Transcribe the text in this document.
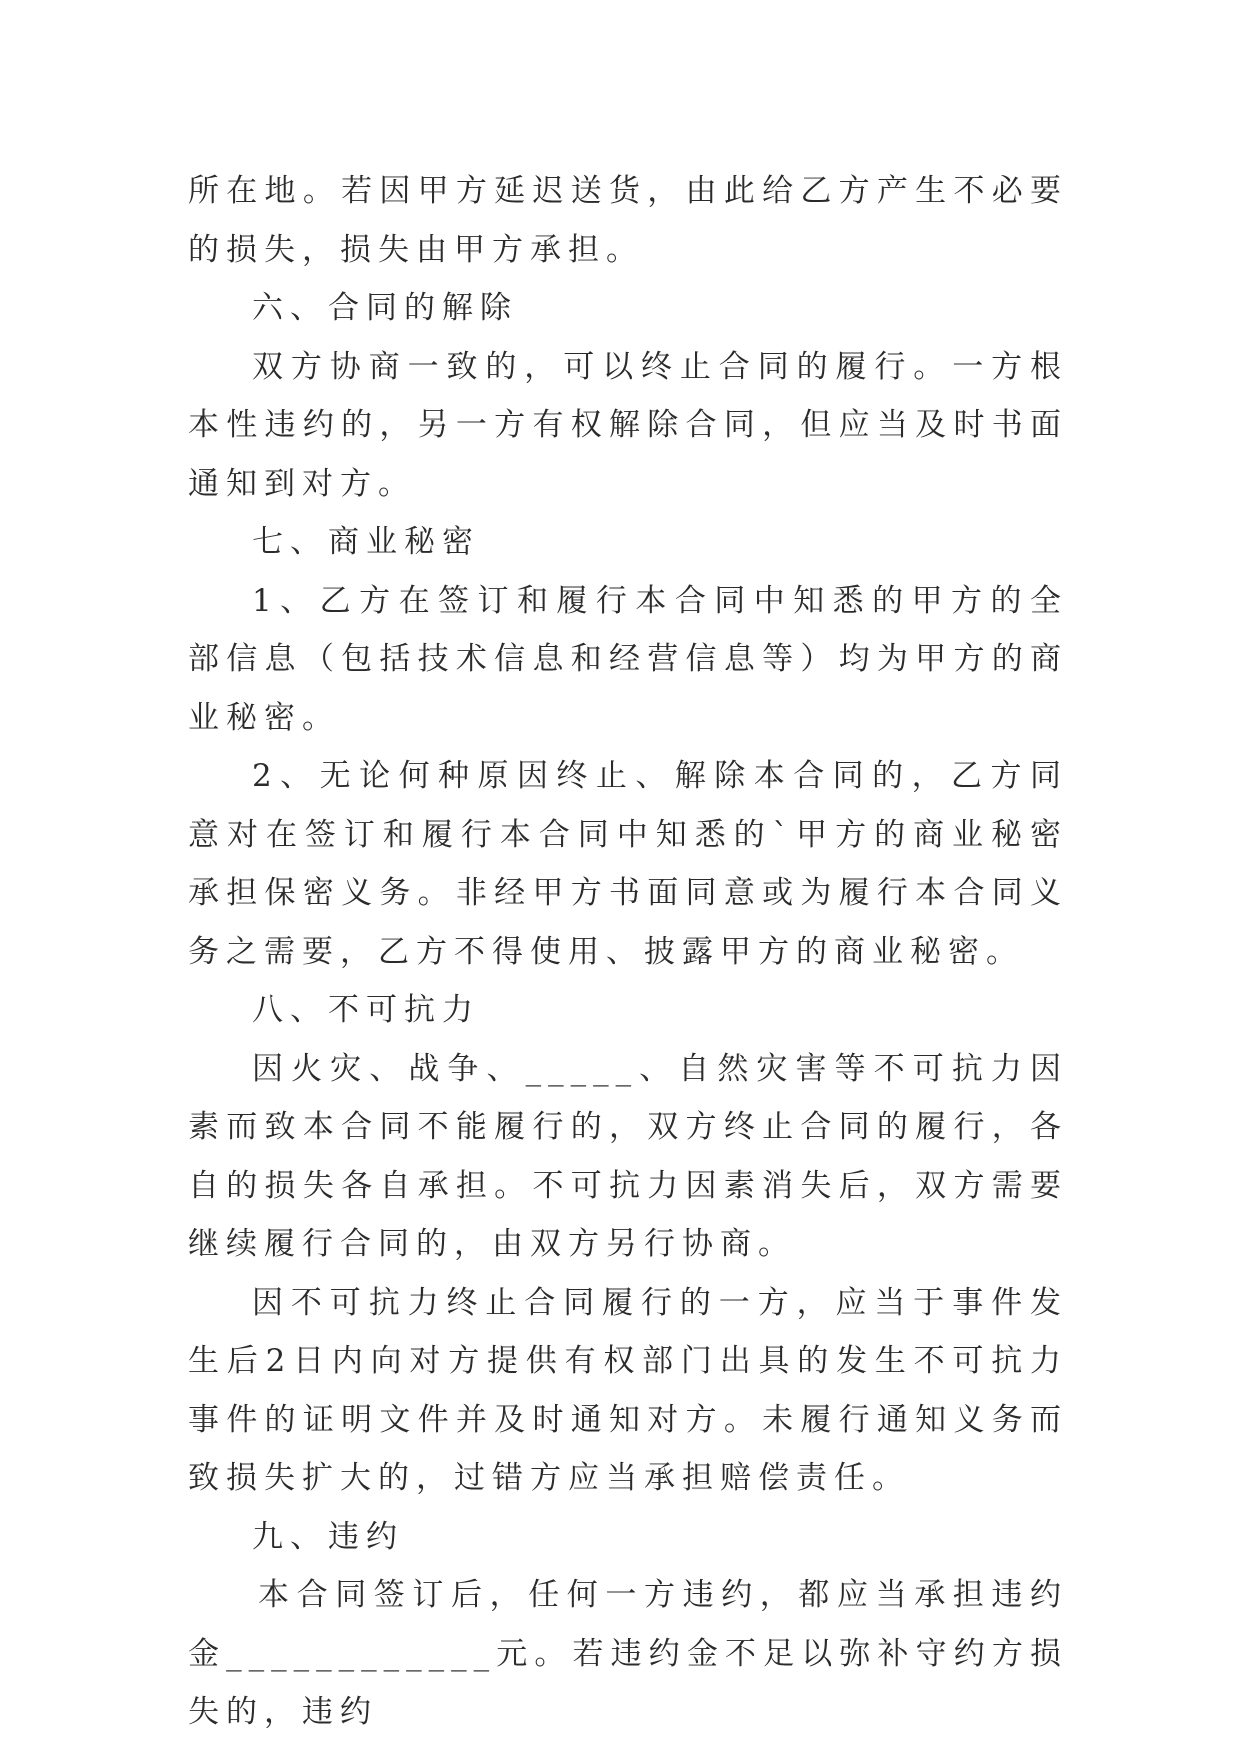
所在地。若因甲方延迟送货，由此给乙方产生不必要的损失，损失由甲方承担。

六、合同的解除

双方协商一致的，可以终止合同的履行。一方根本性违约的，另一方有权解除合同，但应当及时书面通知到对方。

七、商业秘密

1、乙方在签订和履行本合同中知悉的甲方的全部信息（包括技术信息和经营信息等）均为甲方的商业秘密。

2、无论何种原因终止、解除本合同的，乙方同意对在签订和履行本合同中知悉的`甲方的商业秘密承担保密义务。非经甲方书面同意或为履行本合同义务之需要，乙方不得使用、披露甲方的商业秘密。

八、不可抗力

因火灾、战争、_____、自然灾害等不可抗力因素而致本合同不能履行的，双方终止合同的履行，各自的损失各自承担。不可抗力因素消失后，双方需要继续履行合同的，由双方另行协商。

因不可抗力终止合同履行的一方，应当于事件发生后2日内向对方提供有权部门出具的发生不可抗力事件的证明文件并及时通知对方。未履行通知义务而致损失扩大的，过错方应当承担赔偿责任。

九、违约

本合同签订后，任何一方违约，都应当承担违约金____________元。若违约金不足以弥补守约方损失的，违约
